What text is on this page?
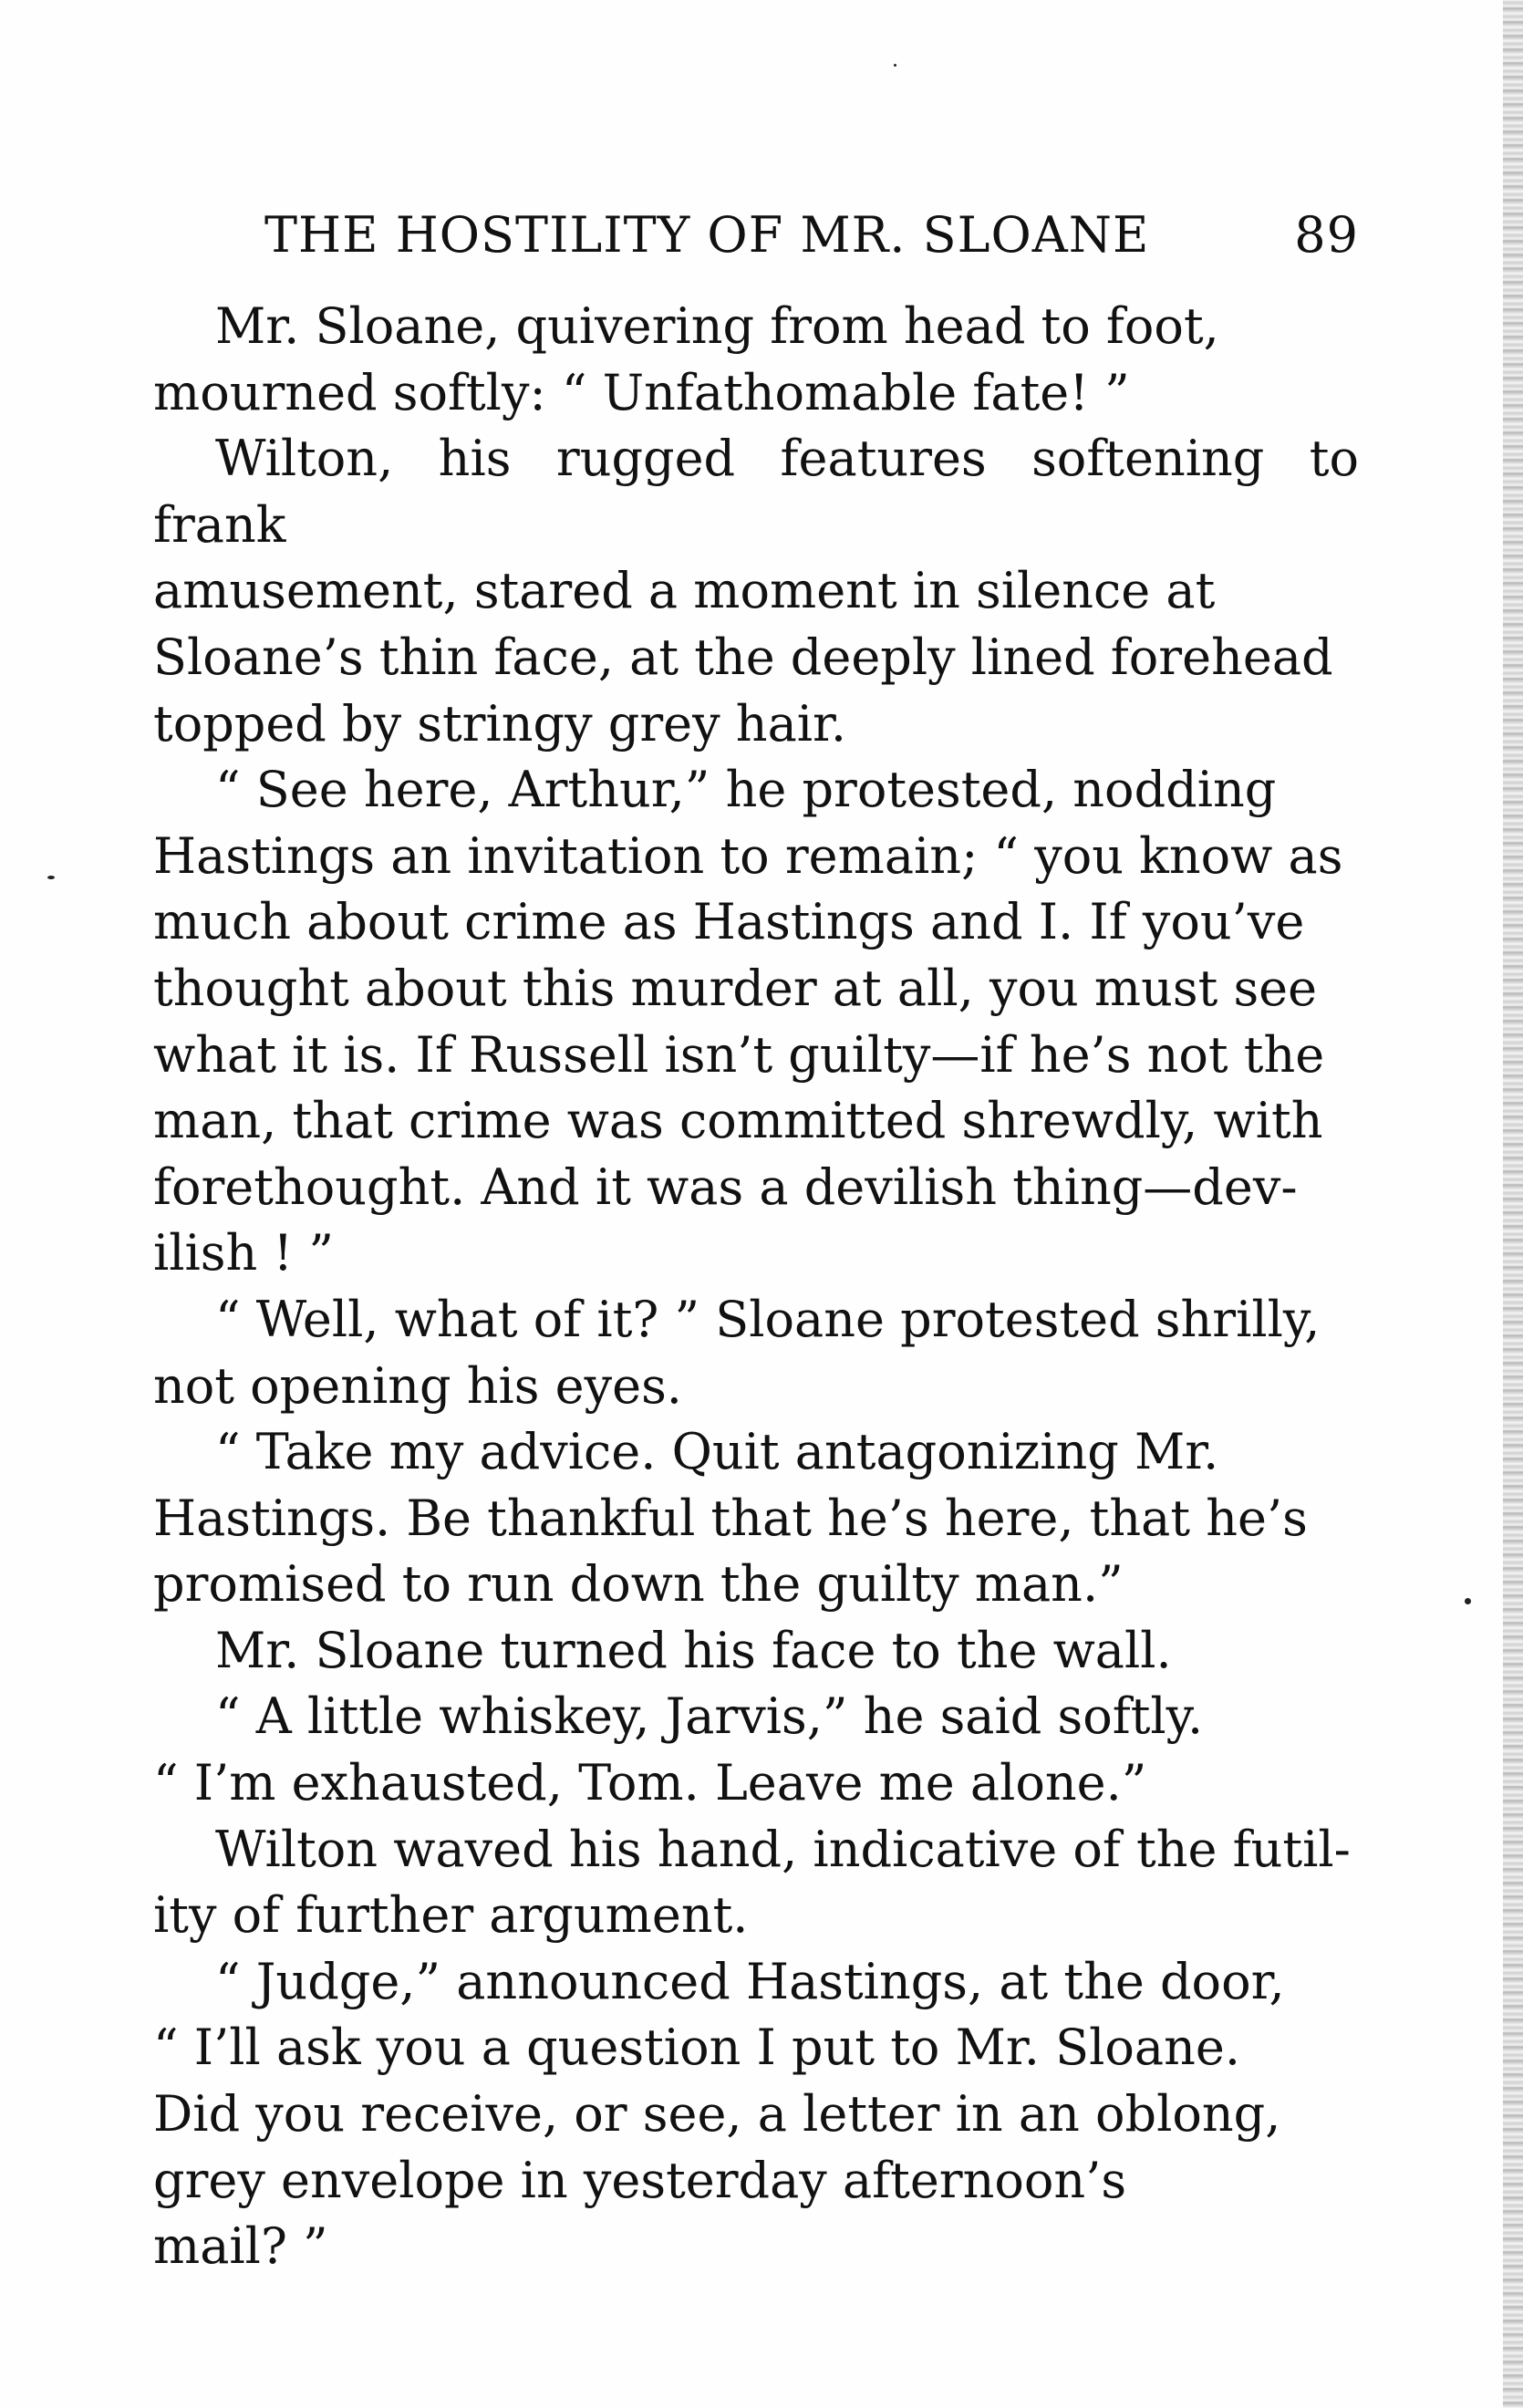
THE HOSTILITY OF MR. SLOANE	89

Mr. Sloane, quivering from head to foot,
mourned softly: “ Unfathomable fate! ”

Wilton, his rugged features softening to frank
amusement, stared a moment in silence at
Sloane’s thin face, at the deeply lined forehead
topped by stringy grey hair.

“ See here, Arthur,” he protested, nodding
Hastings an invitation to remain; “ you know as
much about crime as Hastings and I. If you’ve
thought about this murder at all, you must see
what it is. If Russell isn’t guilty—if he’s not the
man, that crime was committed shrewdly, with
forethought. And it was a devilish thing—dev-
ilish ! ”

“ Well, what of it? ” Sloane protested shrilly,
not opening his eyes.

“ Take my advice. Quit antagonizing Mr.
Hastings. Be thankful that he’s here, that he’s
promised to run down the guilty man.”

Mr. Sloane turned his face to the wall.

“ A little whiskey, Jarvis,” he said softly.
“ I’m exhausted, Tom. Leave me alone.”

Wilton waved his hand, indicative of the futil-
ity of further argument.

“ Judge,” announced Hastings, at the door,
“ I’ll ask you a question I put to Mr. Sloane.
Did you receive, or see, a letter in an oblong,
grey envelope in yesterday afternoon’s
mail? ”
